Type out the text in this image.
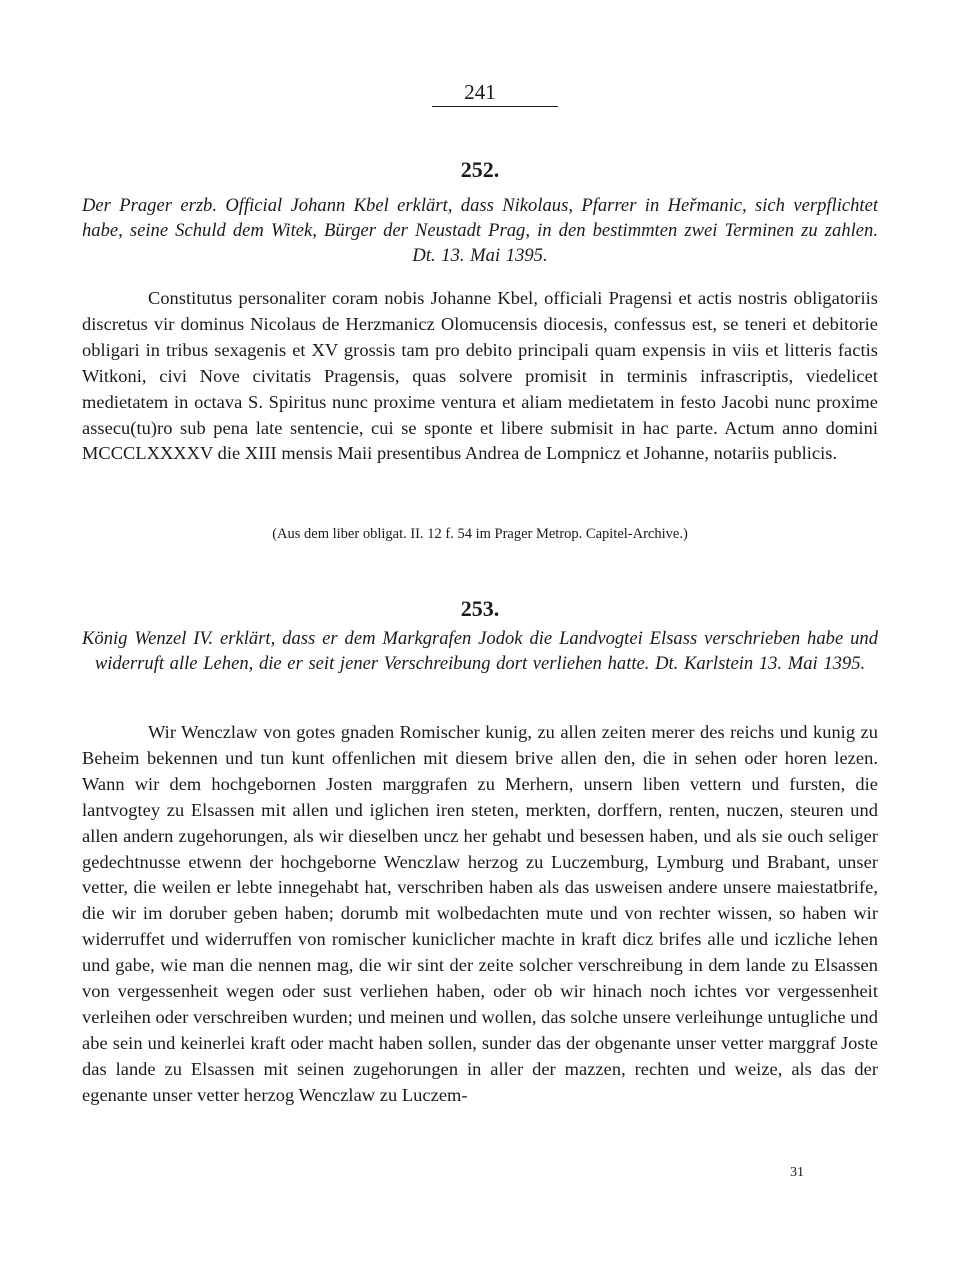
241
252.
Der Prager erzb. Official Johann Kbel erklärt, dass Nikolaus, Pfarrer in Heřmanic, sich verpflichtet habe, seine Schuld dem Witek, Bürger der Neustadt Prag, in den bestimmten zwei Terminen zu zahlen. Dt. 13. Mai 1395.
Constitutus personaliter coram nobis Johanne Kbel, officiali Pragensi et actis nostris obligatoriis discretus vir dominus Nicolaus de Herzmanicz Olomucensis diocesis, confessus est, se teneri et debitorie obligari in tribus sexagenis et XV grossis tam pro debito principali quam expensis in viis et litteris factis Witkoni, civi Nove civitatis Pragensis, quas solvere promisit in terminis infrascriptis, viedelicet medietatem in octava S. Spiritus nunc proxime ventura et aliam medietatem in festo Jacobi nunc proxime assecu(tu)ro sub pena late sentencie, cui se sponte et libere submisit in hac parte. Actum anno domini MCCCLXXXXV die XIII mensis Maii presentibus Andrea de Lompnicz et Johanne, notariis publicis.
(Aus dem liber obligat. II. 12 f. 54 im Prager Metrop. Capitel-Archive.)
253.
König Wenzel IV. erklärt, dass er dem Markgrafen Jodok die Landvogtei Elsass verschrieben habe und widerruft alle Lehen, die er seit jener Verschreibung dort verliehen hatte. Dt. Karlstein 13. Mai 1395.
Wir Wenczlaw von gotes gnaden Romischer kunig, zu allen zeiten merer des reichs und kunig zu Beheim bekennen und tun kunt offenlichen mit diesem brive allen den, die in sehen oder horen lezen. Wann wir dem hochgebornen Josten marggrafen zu Merhern, unsern liben vettern und fursten, die lantvogtey zu Elsassen mit allen und iglichen iren steten, merkten, dorffern, renten, nuczen, steuren und allen andern zugehorungen, als wir dieselben uncz her gehabt und besessen haben, und als sie ouch seliger gedechtnusse etwenn der hochgeborne Wenczlaw herzog zu Luczemburg, Lymburg und Brabant, unser vetter, die weilen er lebte innegehabt hat, verschriben haben als das usweisen andere unsere maiestatbrife, die wir im doruber geben haben; dorumb mit wolbedachten mute und von rechter wissen, so haben wir widerruffet und widerruffen von romischer kuniclicher machte in kraft dicz brifes alle und iczliche lehen und gabe, wie man die nennen mag, die wir sint der zeite solcher verschreibung in dem lande zu Elsassen von vergessenheit wegen oder sust verliehen haben, oder ob wir hinach noch ichtes vor vergessenheit verleihen oder verschreiben wurden; und meinen und wollen, das solche unsere verleihunge untugliche und abe sein und keinerlei kraft oder macht haben sollen, sunder das der obgenante unser vetter marggraf Joste das lande zu Elsassen mit seinen zugehorungen in aller der mazzen, rechten und weize, als das der egenante unser vetter herzog Wenczlaw zu Luczem-
31
